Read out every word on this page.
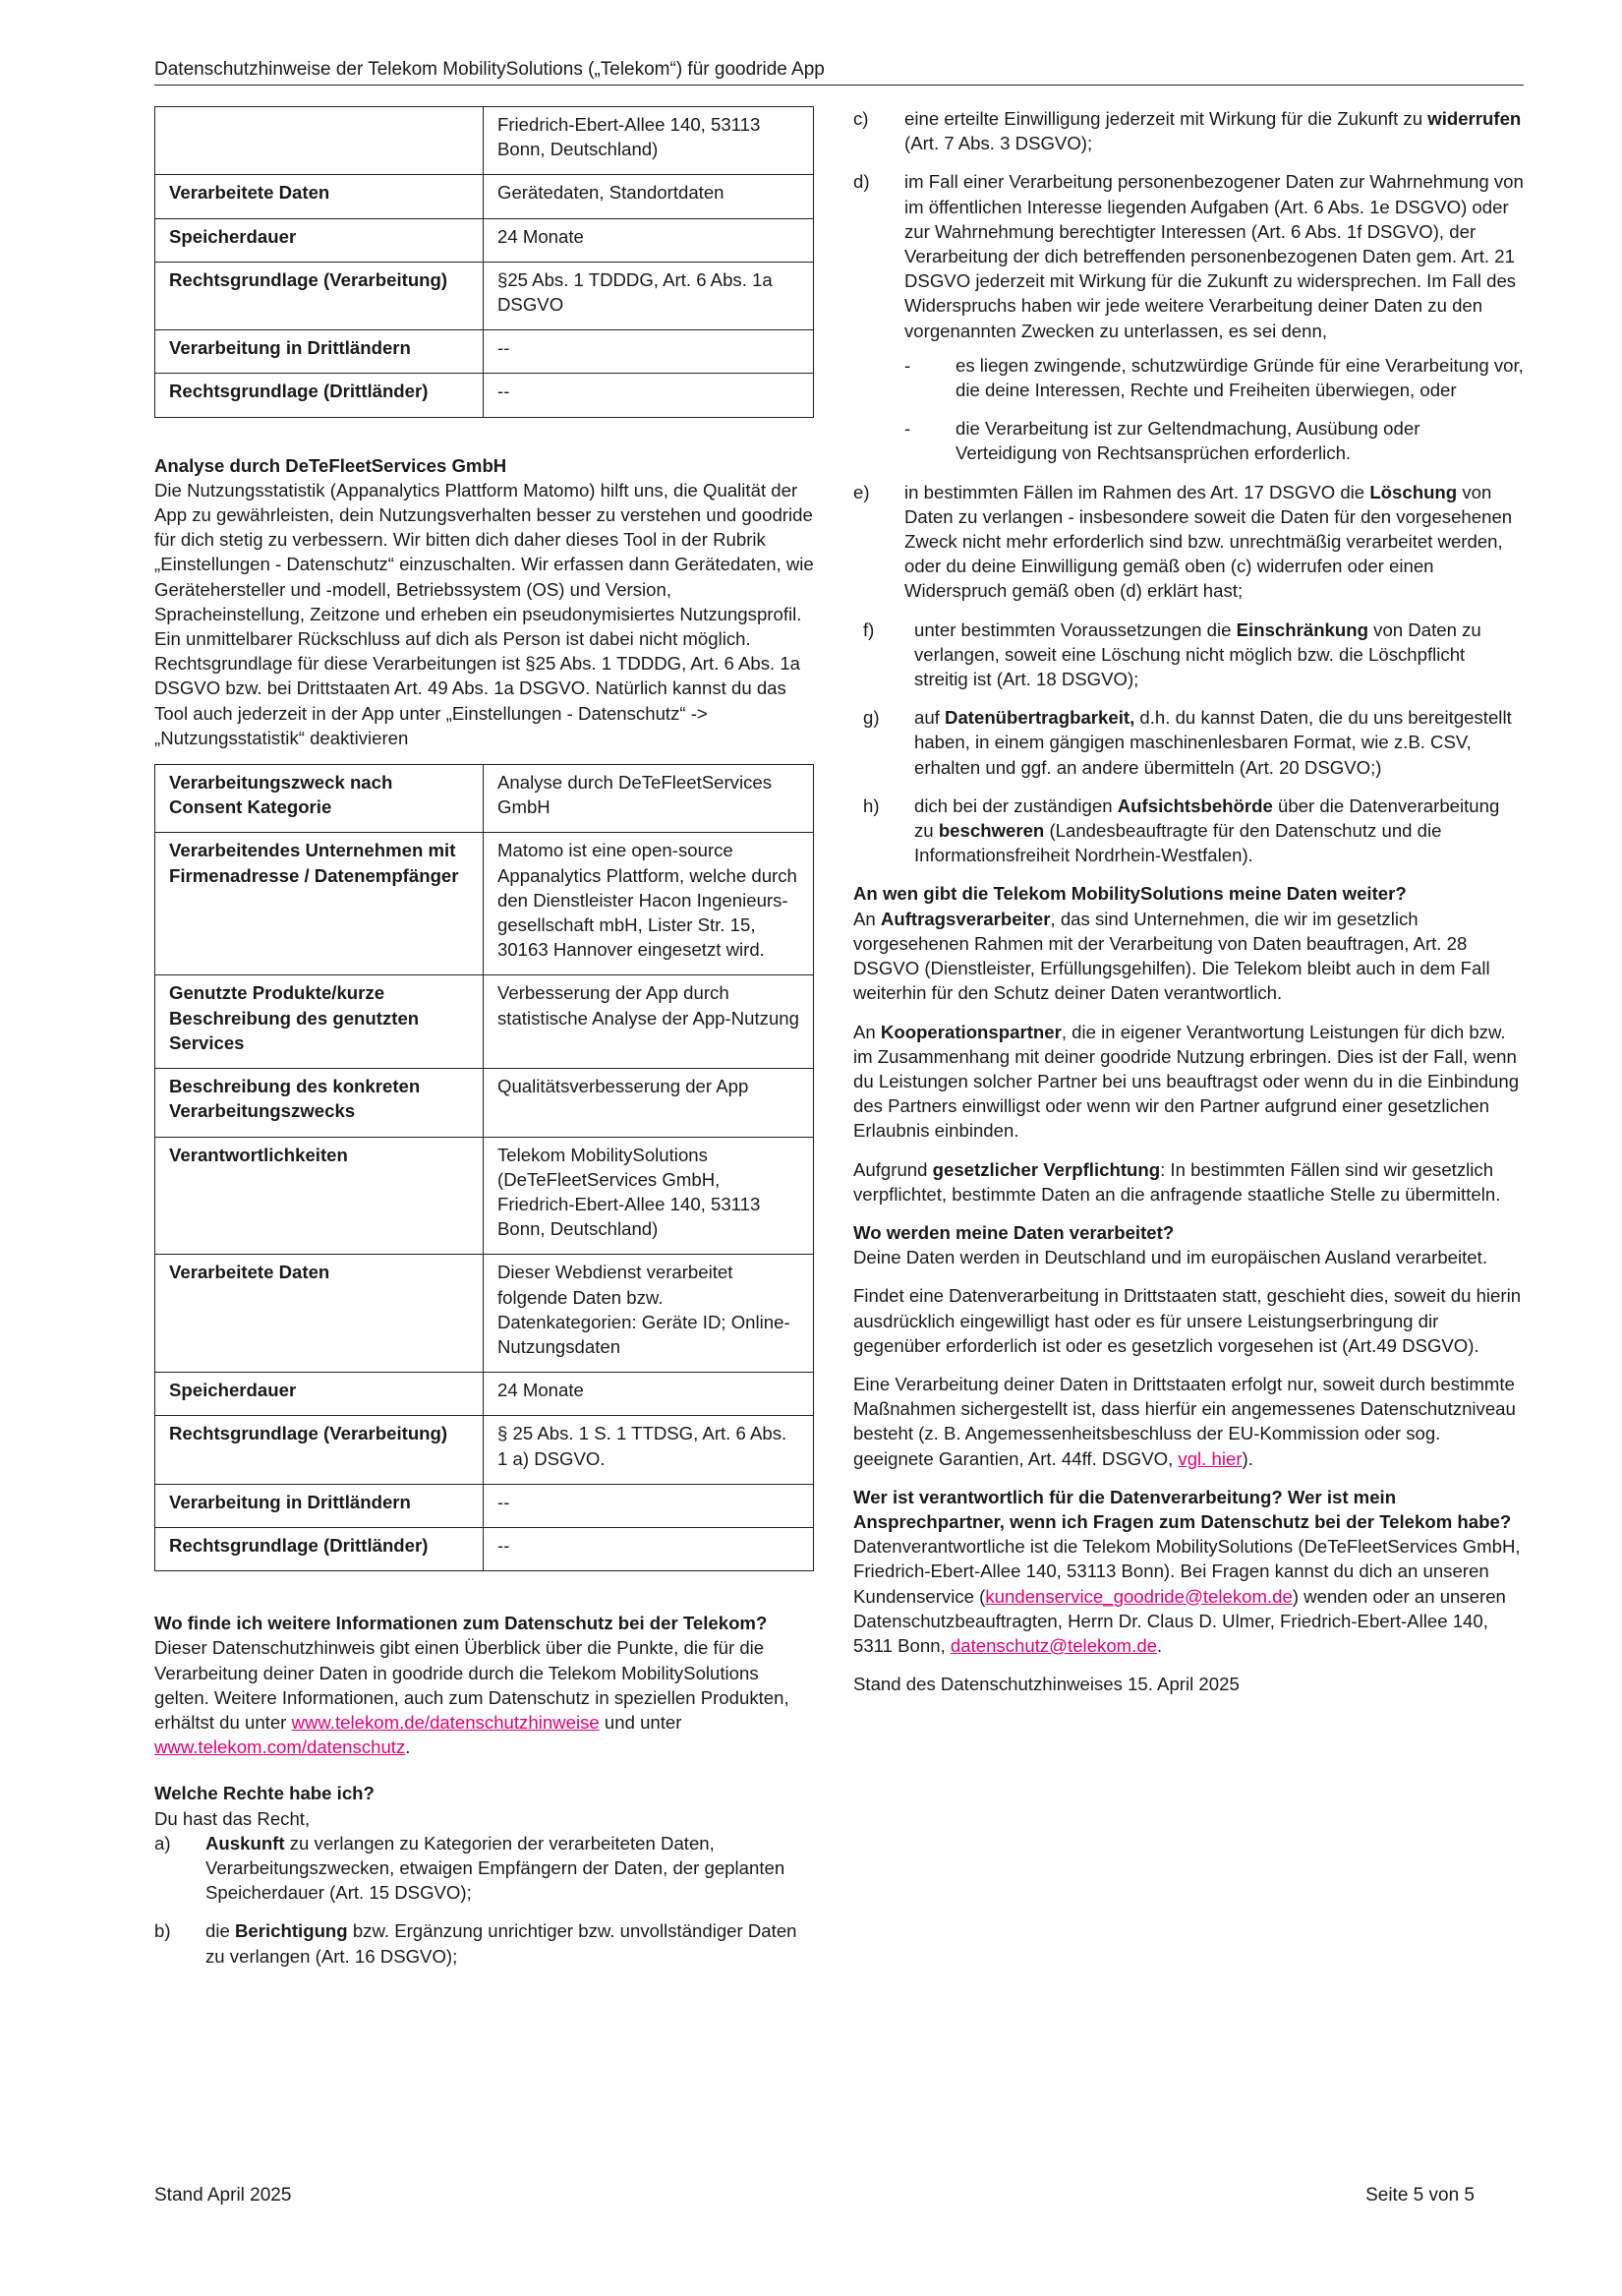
Datenschutzhinweise der Telekom MobilitySolutions („Telekom“) für goodride App
	Friedrich-Ebert-Allee 140, 53113 Bonn, Deutschland)
Verarbeitete Daten	Gerätedaten, Standortdaten
Speicherdauer	24 Monate
Rechtsgrundlage (Verarbeitung)	§25 Abs. 1 TDDDG, Art. 6 Abs. 1a DSGVO
Verarbeitung in Drittländern	--
Rechtsgrundlage (Drittländer)	--
Analyse durch DeTeFleetServices GmbH

Die Nutzungsstatistik (Appanalytics Plattform Matomo) hilft uns, die Qualität der App zu gewährleisten, dein Nutzungsverhalten besser zu verstehen und goodride für dich stetig zu verbessern. Wir bitten dich daher dieses Tool in der Rubrik „Einstellungen - Datenschutz“ einzuschalten. Wir erfassen dann Gerätedaten, wie Gerätehersteller und -modell, Betriebssystem (OS) und Version, Spracheinstellung, Zeitzone und erheben ein pseudonymisiertes Nutzungsprofil. Ein unmittelbarer Rückschluss auf dich als Person ist dabei nicht möglich. Rechtsgrundlage für diese Verarbeitungen ist §25 Abs. 1 TDDDG, Art. 6 Abs. 1a DSGVO bzw. bei Drittstaaten Art. 49 Abs. 1a DSGVO. Natürlich kannst du das Tool auch jederzeit in der App unter „Einstellungen - Datenschutz“ -> „Nutzungsstatistik“ deaktivieren

Verarbeitungszweck nach Consent Kategorie	Analyse durch DeTeFleetServices GmbH
Verarbeitendes Unternehmen mit Firmenadresse / Datenempfänger	Matomo ist eine open-source Appanalytics Plattform, welche durch den Dienstleister Hacon Ingenieurs-gesellschaft mbH, Lister Str. 15, 30163 Hannover eingesetzt wird.
Genutzte Produkte/kurze Beschreibung des genutzten Services	Verbesserung der App durch statistische Analyse der App-Nutzung
Beschreibung des konkreten Verarbeitungszwecks	Qualitätsverbesserung der App
Verantwortlichkeiten	Telekom MobilitySolutions (DeTeFleetServices GmbH, Friedrich-Ebert-Allee 140, 53113 Bonn, Deutschland)
Verarbeitete Daten	Dieser Webdienst verarbeitet folgende Daten bzw. Datenkategorien: Geräte ID; Online-Nutzungsdaten
Speicherdauer	24 Monate
Rechtsgrundlage (Verarbeitung)	§ 25 Abs. 1 S. 1 TTDSG, Art. 6 Abs. 1 a) DSGVO.
Verarbeitung in Drittländern	--
Rechtsgrundlage (Drittländer)	--
Wo finde ich weitere Informationen zum Datenschutz bei der Telekom?

Dieser Datenschutzhinweis gibt einen Überblick über die Punkte, die für die Verarbeitung deiner Daten in goodride durch die Telekom MobilitySolutions gelten. Weitere Informationen, auch zum Datenschutz in speziellen Produkten, erhältst du unter www.telekom.de/datenschutzhinweise und unter www.telekom.com/datenschutz.

Welche Rechte habe ich?

Du hast das Recht,

a)	Auskunft zu verlangen zu Kategorien der verarbeiteten Daten, Verarbeitungszwecken, etwaigen Empfängern der Daten, der geplanten Speicherdauer (Art. 15 DSGVO);
b)	die Berichtigung bzw. Ergänzung unrichtiger bzw. unvollständiger Daten zu verlangen (Art. 16 DSGVO);
c)	eine erteilte Einwilligung jederzeit mit Wirkung für die Zukunft zu widerrufen (Art. 7 Abs. 3 DSGVO);
d)	im Fall einer Verarbeitung personenbezogener Daten zur Wahrnehmung von im öffentlichen Interesse liegenden Aufgaben (Art. 6 Abs. 1e DSGVO) oder zur Wahrnehmung berechtigter Interessen (Art. 6 Abs. 1f DSGVO), der Verarbeitung der dich betreffenden personenbezogenen Daten gem. Art. 21 DSGVO jederzeit mit Wirkung für die Zukunft zu widersprechen. Im Fall des Widerspruchs haben wir jede weitere Verarbeitung deiner Daten zu den vorgenannten Zwecken zu unterlassen, es sei denn,
-	es liegen zwingende, schutzwürdige Gründe für eine Verarbeitung vor, die deine Interessen, Rechte und Freiheiten überwiegen, oder
-	die Verarbeitung ist zur Geltendmachung, Ausübung oder Verteidigung von Rechtsansprüchen erforderlich.
e)	in bestimmten Fällen im Rahmen des Art. 17 DSGVO die Löschung von Daten zu verlangen - insbesondere soweit die Daten für den vorgesehenen Zweck nicht mehr erforderlich sind bzw. unrechtmäßig verarbeitet werden, oder du deine Einwilligung gemäß oben (c) widerrufen oder einen Widerspruch gemäß oben (d) erklärt hast;
f)	unter bestimmten Voraussetzungen die Einschränkung von Daten zu verlangen, soweit eine Löschung nicht möglich bzw. die Löschpflicht streitig ist (Art. 18 DSGVO);
g)	auf Datenübertragbarkeit, d.h. du kannst Daten, die du uns bereitgestellt haben, in einem gängigen maschinenlesbaren Format, wie z.B. CSV, erhalten und ggf. an andere übermitteln (Art. 20 DSGVO;)
h)	dich bei der zuständigen Aufsichtsbehörde über die Datenverarbeitung zu beschweren (Landesbeauftragte für den Datenschutz und die Informationsfreiheit Nordrhein-Westfalen).
An wen gibt die Telekom MobilitySolutions meine Daten weiter?

An Auftragsverarbeiter, das sind Unternehmen, die wir im gesetzlich vorgesehenen Rahmen mit der Verarbeitung von Daten beauftragen, Art. 28 DSGVO (Dienstleister, Erfüllungsgehilfen). Die Telekom bleibt auch in dem Fall weiterhin für den Schutz deiner Daten verantwortlich.

An Kooperationspartner, die in eigener Verantwortung Leistungen für dich bzw. im Zusammenhang mit deiner goodride Nutzung erbringen. Dies ist der Fall, wenn du Leistungen solcher Partner bei uns beauftragst oder wenn du in die Einbindung des Partners einwilligst oder wenn wir den Partner aufgrund einer gesetzlichen Erlaubnis einbinden.

Aufgrund gesetzlicher Verpflichtung: In bestimmten Fällen sind wir gesetzlich verpflichtet, bestimmte Daten an die anfragende staatliche Stelle zu übermitteln.

Wo werden meine Daten verarbeitet?

Deine Daten werden in Deutschland und im europäischen Ausland verarbeitet.

Findet eine Datenverarbeitung in Drittstaaten statt, geschieht dies, soweit du hierin ausdrücklich eingewilligt hast oder es für unsere Leistungserbringung dir gegenüber erforderlich ist oder es gesetzlich vorgesehen ist (Art.49 DSGVO).

Eine Verarbeitung deiner Daten in Drittstaaten erfolgt nur, soweit durch bestimmte Maßnahmen sichergestellt ist, dass hierfür ein angemessenes Datenschutzniveau besteht (z. B. Angemessenheitsbeschluss der EU-Kommission oder sog. geeignete Garantien, Art. 44ff. DSGVO, vgl. hier).

Wer ist verantwortlich für die Datenverarbeitung? Wer ist mein Ansprechpartner, wenn ich Fragen zum Datenschutz bei der Telekom habe?

Datenverantwortliche ist die Telekom MobilitySolutions (DeTeFleetServices GmbH, Friedrich-Ebert-Allee 140, 53113 Bonn). Bei Fragen kannst du dich an unseren Kundenservice (kundenservice_goodride@telekom.de) wenden oder an unseren Datenschutzbeauftragten, Herrn Dr. Claus D. Ulmer, Friedrich-Ebert-Allee 140, 5311 Bonn, datenschutz@telekom.de.

Stand des Datenschutzhinweises 15. April 2025

Stand April 2025	Seite 5 von 5
